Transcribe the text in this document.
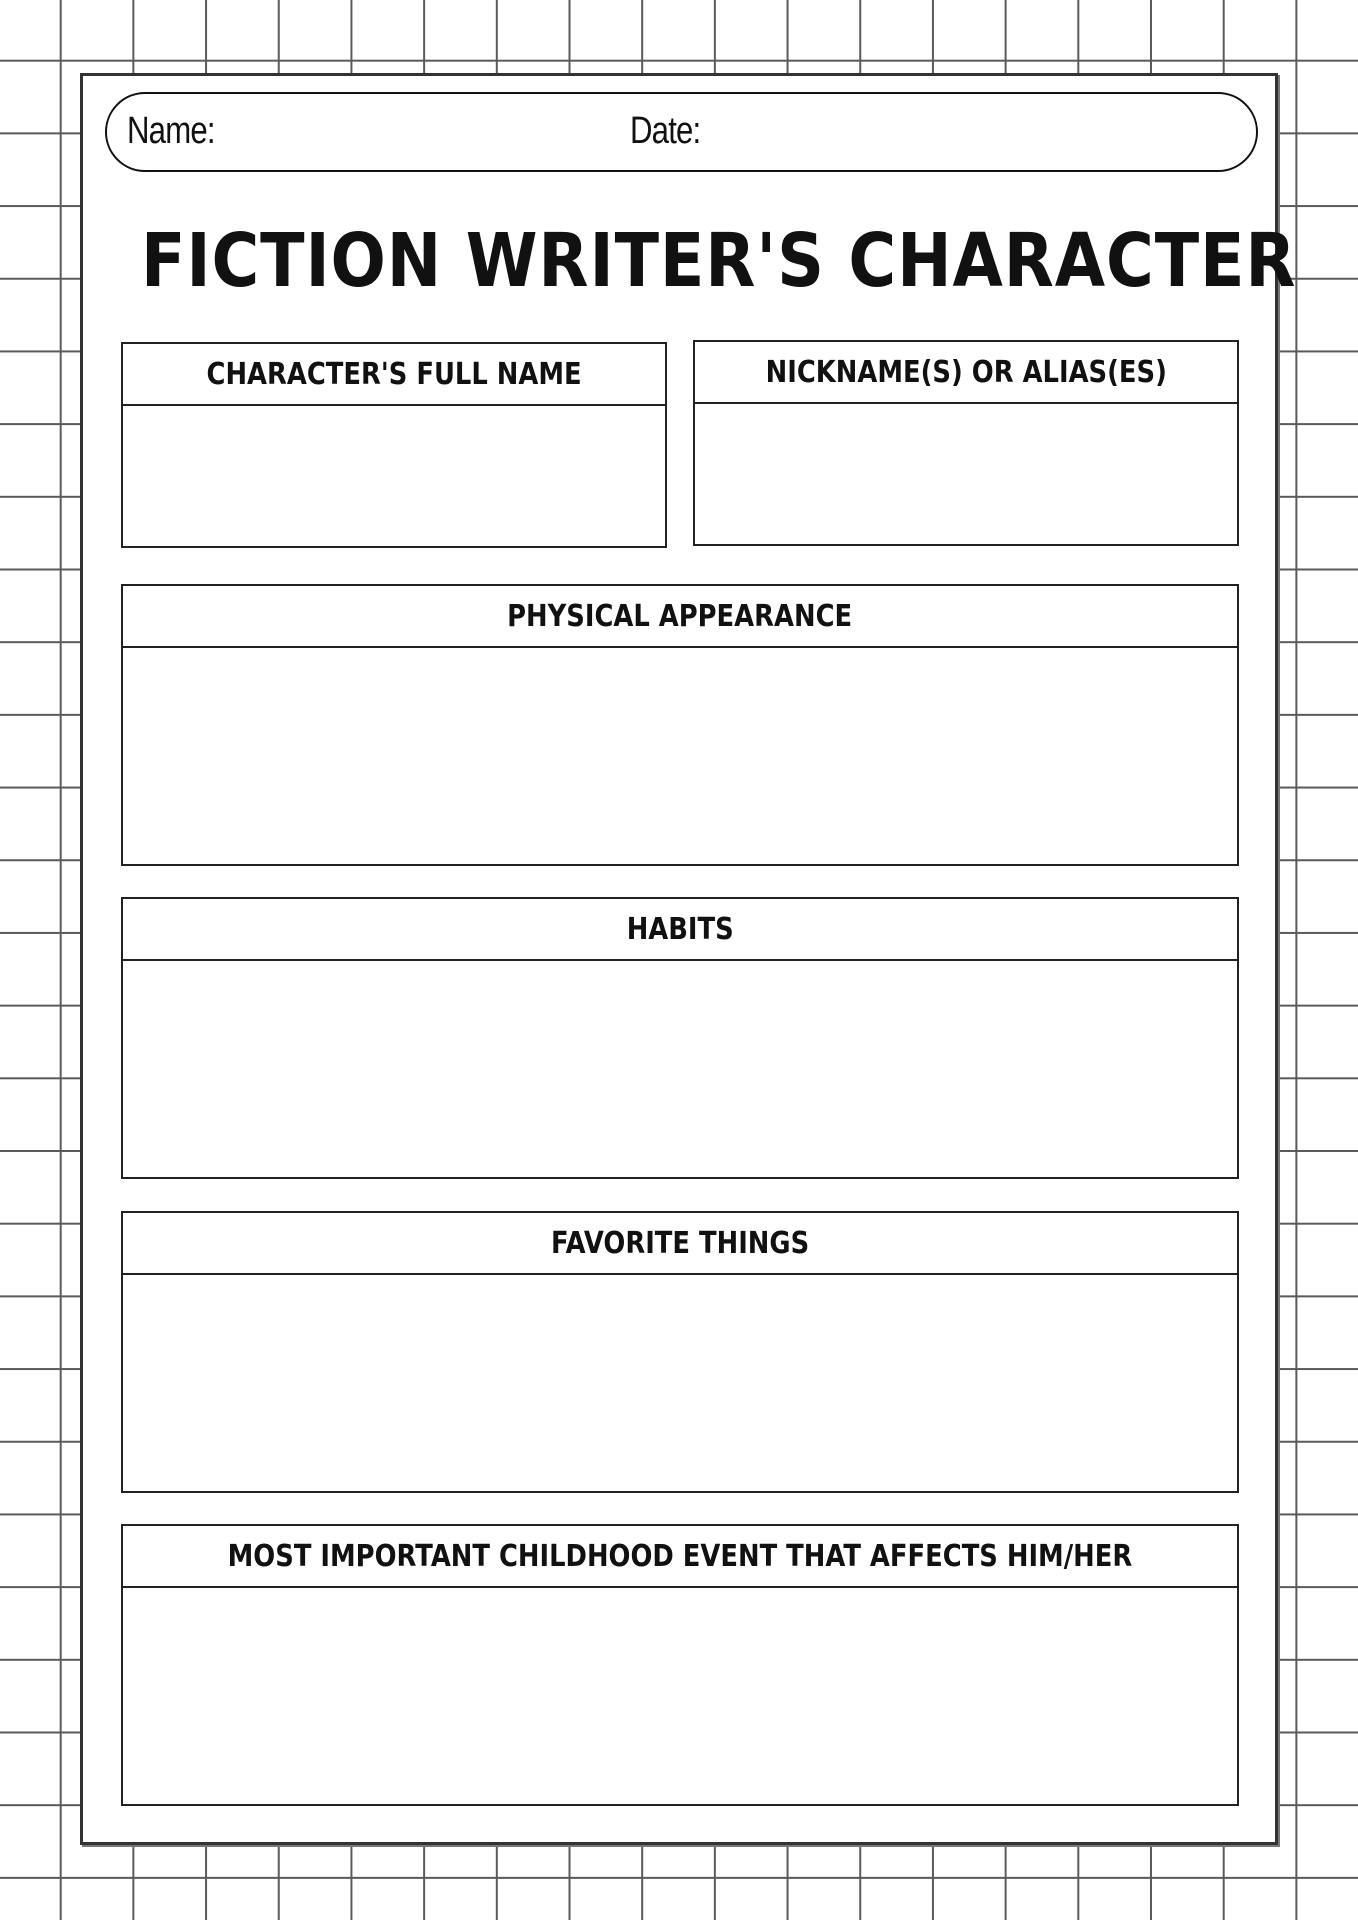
Name:	Date:
FICTION WRITER'S CHARACTER
CHARACTER'S FULL NAME	NICKNAME(S) OR ALIAS(ES)
PHYSICAL APPEARANCE
HABITS
FAVORITE THINGS
MOST IMPORTANT CHILDHOOD EVENT THAT AFFECTS HIM/HER
